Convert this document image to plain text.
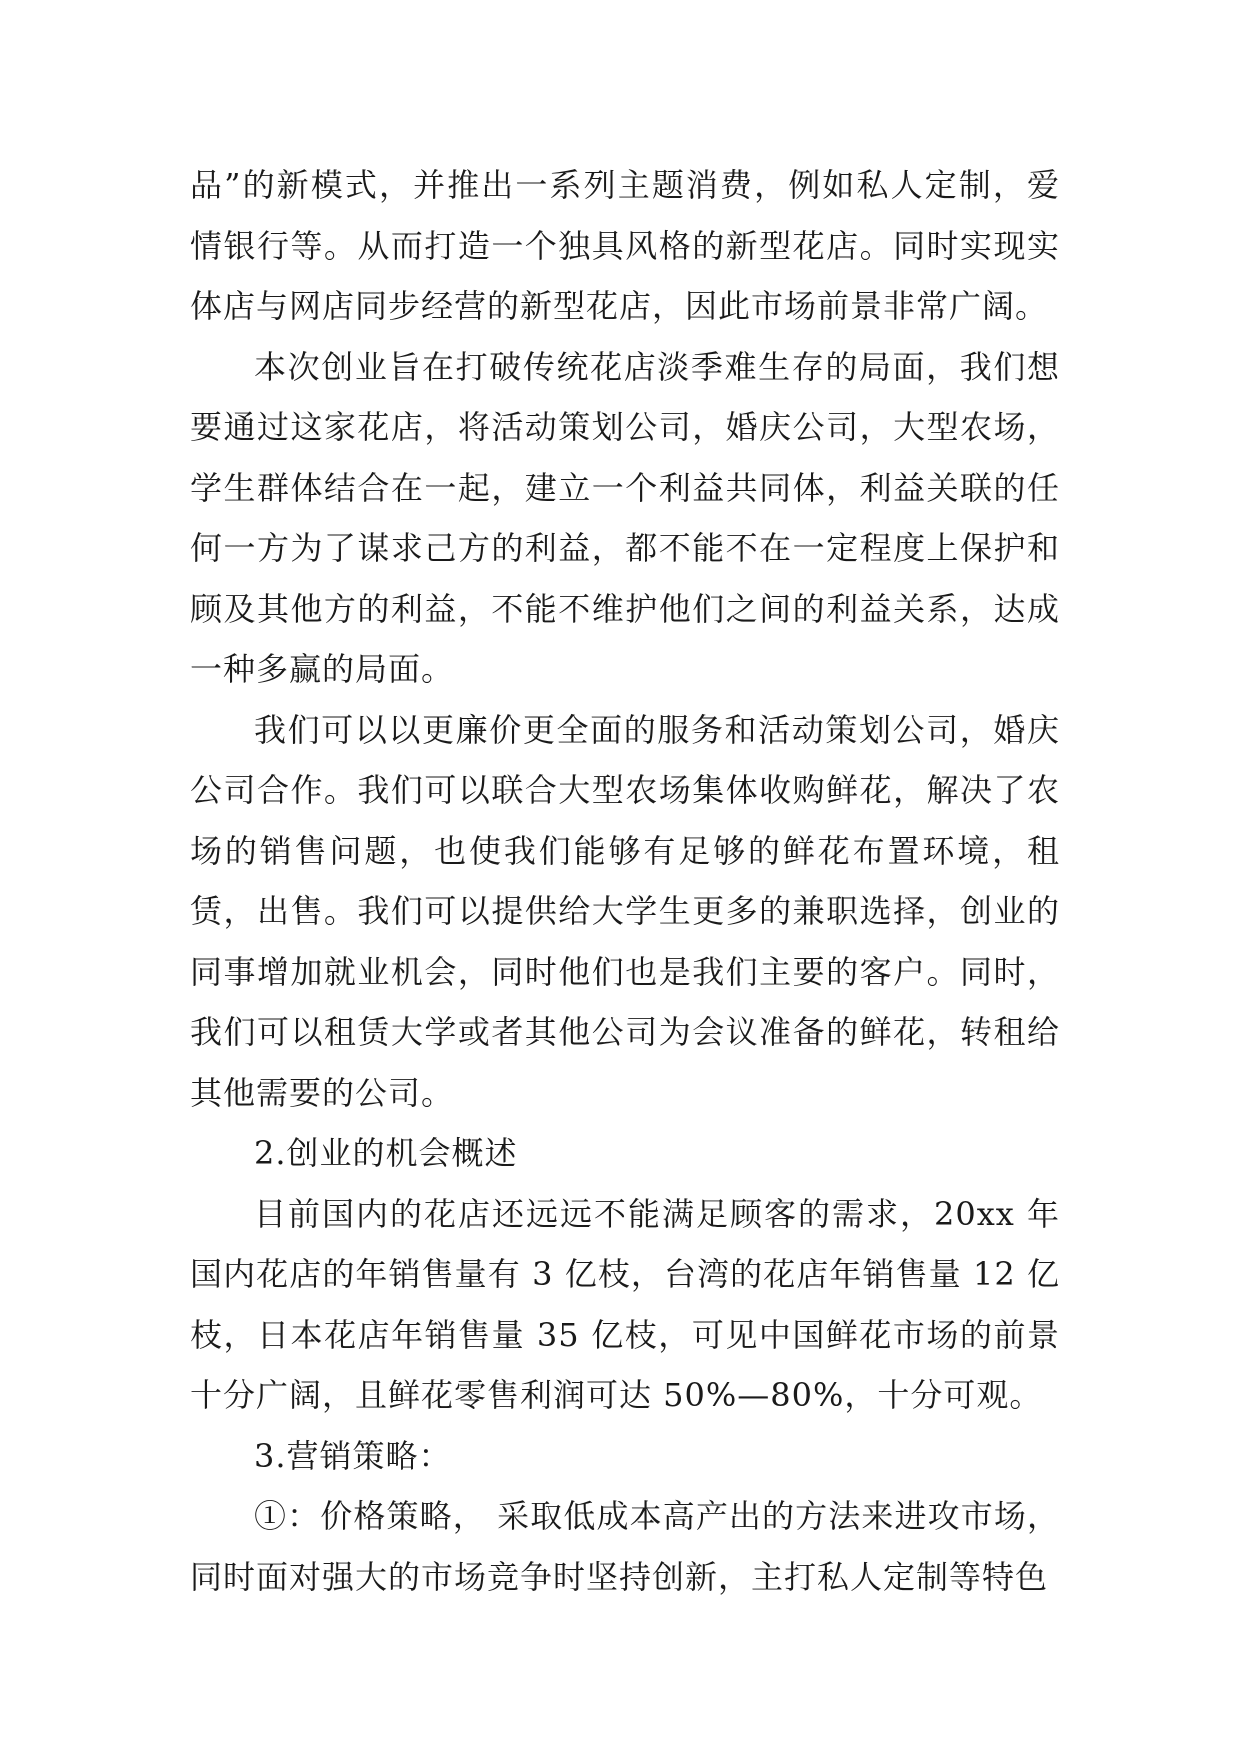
品”的新模式，并推出一系列主题消费，例如私人定制，爱情银行等。从而打造一个独具风格的新型花店。同时实现实体店与网店同步经营的新型花店，因此市场前景非常广阔。

本次创业旨在打破传统花店淡季难生存的局面，我们想要通过这家花店，将活动策划公司，婚庆公司，大型农场，学生群体结合在一起，建立一个利益共同体，利益关联的任何一方为了谋求己方的利益，都不能不在一定程度上保护和顾及其他方的利益，不能不维护他们之间的利益关系，达成一种多赢的局面。

我们可以以更廉价更全面的服务和活动策划公司，婚庆公司合作。我们可以联合大型农场集体收购鲜花，解决了农场的销售问题，也使我们能够有足够的鲜花布置环境，租赁，出售。我们可以提供给大学生更多的兼职选择，创业的同事增加就业机会，同时他们也是我们主要的客户。同时，我们可以租赁大学或者其他公司为会议准备的鲜花，转租给其他需要的公司。

2.创业的机会概述

目前国内的花店还远远不能满足顾客的需求，20xx 年国内花店的年销售量有 3 亿枝，台湾的花店年销售量 12 亿枝，日本花店年销售量 35 亿枝，可见中国鲜花市场的前景十分广阔，且鲜花零售利润可达 50%—80%，十分可观。

3.营销策略：

①：价格策略， 采取低成本高产出的方法来进攻市场，同时面对强大的市场竞争时坚持创新，主打私人定制等特色
